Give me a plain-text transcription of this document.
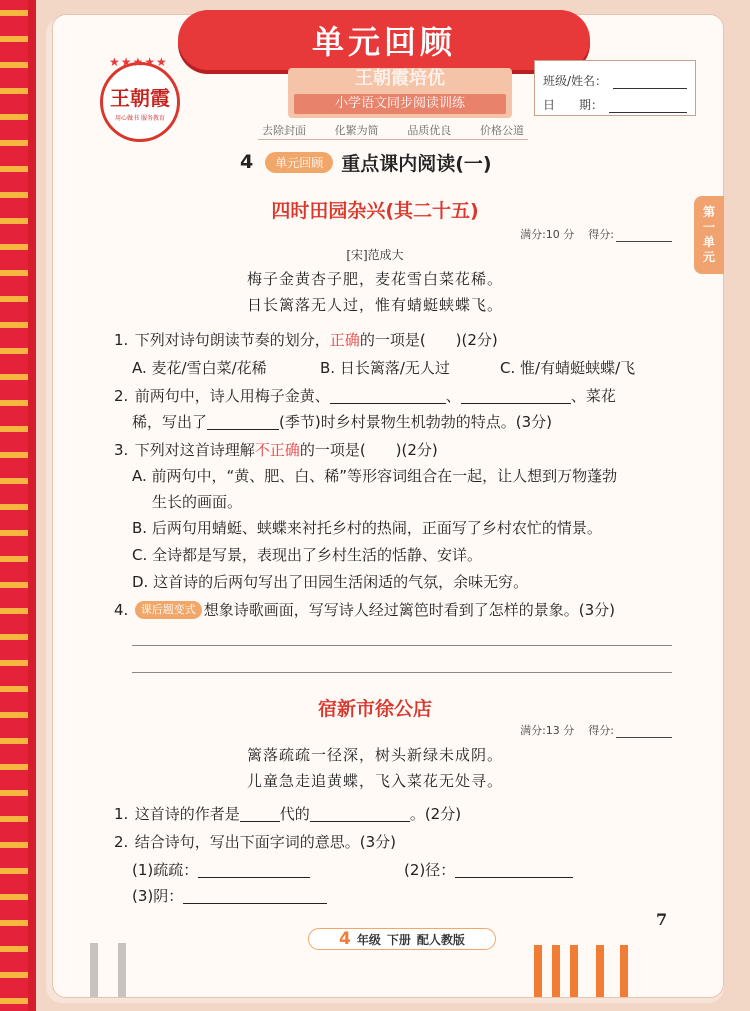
单元回顾
★★★★★
王朝霞
用心做书 服务教育
王朝霞培优
小学语文同步阅读训练
去除封面	化繁为简	品质优良	价格公道
班级/姓名：
日　　期：
4	单元回顾 重点课内阅读(一)
第
一
单
元
四时田园杂兴(其二十五)
满分:10 分 得分:
[宋]范成大
梅子金黄杏子肥，麦花雪白菜花稀。
日长篱落无人过，惟有蜻蜓蛱蝶飞。
1. 下列对诗句朗读节奏的划分，正确的一项是(　　)(2分)
A. 麦花/雪白菜/花稀	B. 日长篱落/无人过	C. 惟/有蜻蜓蛱蝶/飞
2. 前两句中，诗人用梅子金黄、	、	、菜花
稀，写出了	(季节)时乡村景物生机勃勃的特点。(3分)
3. 下列对这首诗理解不正确的一项是(　　)(2分)
A. 前两句中，“黄、肥、白、稀”等形容词组合在一起，让人想到万物蓬勃
生长的画面。
B. 后两句用蜻蜓、蛱蝶来衬托乡村的热闹，正面写了乡村农忙的情景。
C. 全诗都是写景，表现出了乡村生活的恬静、安详。
D. 这首诗的后两句写出了田园生活闲适的气氛，余味无穷。
4. 课后题变式 想象诗歌画面，写写诗人经过篱笆时看到了怎样的景象。(3分)
宿新市徐公店
满分:13 分 得分:
篱落疏疏一径深，树头新绿未成阴。
儿童急走追黄蝶，飞入菜花无处寻。
1. 这首诗的作者是	代的	。(2分)
2. 结合诗句，写出下面字词的意思。(3分)
(1)疏疏：	(2)径：
(3)阴：
7
4 年级 下册 配人教版
